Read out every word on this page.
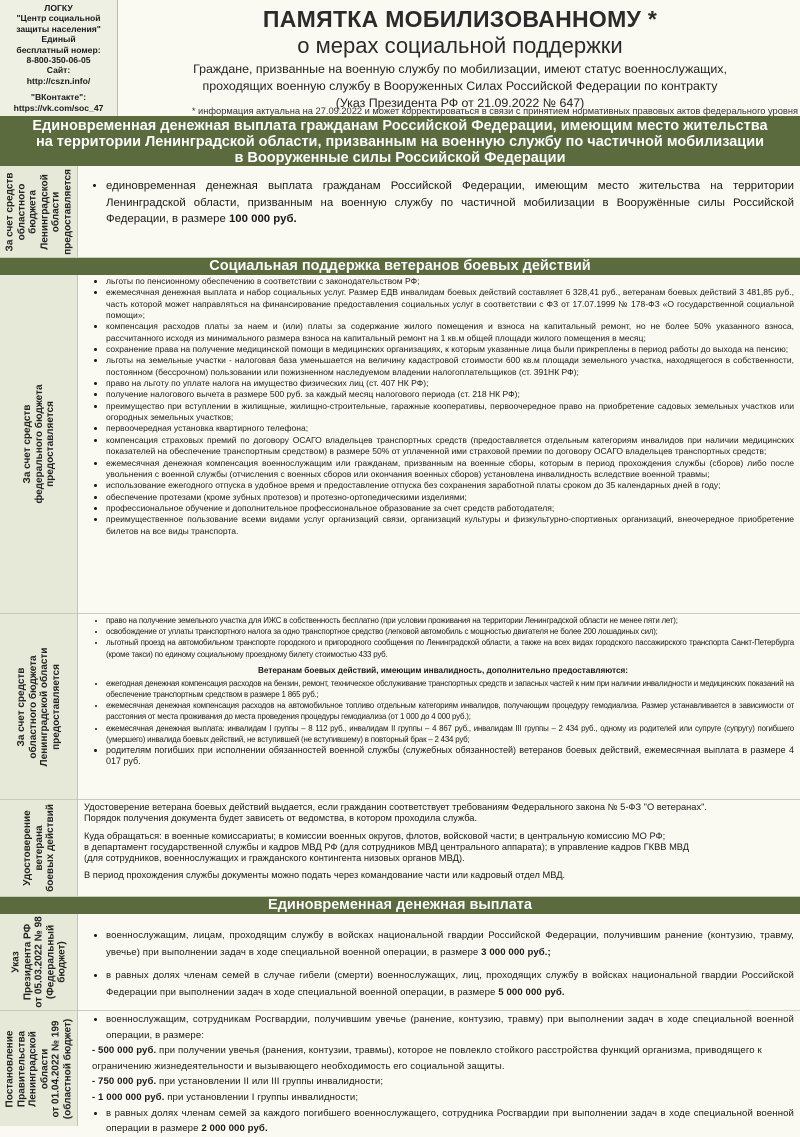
ЛОГКУ
"Центр социальной
защиты населения"
Единый
бесплатный номер:
8-800-350-06-05
Сайт:
http://cszn.info/
"ВКонтакте":
https://vk.com/soc_47
ПАМЯТКА МОБИЛИЗОВАННОМУ *
о мерах социальной поддержки
Граждане, призванные на военную службу по мобилизации, имеют статус военнослужащих,
проходящих военную службу в Вооруженных Силах Российской Федерации по контракту
(Указ Президента РФ от 21.09.2022 № 647)
* информация актуальна на 27.09.2022 и может корректироваться в связи с принятием нормативных правовых актов федерального уровня
Единовременная денежная выплата гражданам Российской Федерации, имеющим место жительства
на территории Ленинградской области, призванным на военную службу по частичной мобилизации
в Вооруженные силы Российской Федерации
За счет средств областного бюджета Ленинградской области предоставляется	• единовременная денежная выплата гражданам Российской Федерации, имеющим место жительства на территории Ленинградской области, призванным на военную службу по частичной мобилизации в Вооружённые силы Российской Федерации, в размере 100 000 руб.
Социальная поддержка ветеранов боевых действий
За счет средств федерального бюджета предоставляется
• льготы по пенсионному обеспечению в соответствии с законодательством РФ;
• ежемесячная денежная выплата и набор социальных услуг. Размер ЕДВ инвалидам боевых действий составляет 6 328,41 руб., ветеранам боевых действий 3 481,85 руб., часть которой может направляться на финансирование предоставления социальных услуг в соответствии с ФЗ от 17.07.1999 № 178-ФЗ «О государственной социальной помощи»;
• компенсация расходов платы за наем и (или) платы за содержание жилого помещения и взноса на капитальный ремонт, но не более 50% указанного взноса, рассчитанного исходя из минимального размера взноса на капитальный ремонт на 1 кв.м общей площади жилого помещения в месяц;
• сохранение права на получение медицинской помощи в медицинских организациях, к которым указанные лица были прикреплены в период работы до выхода на пенсию;
• льготы на земельные участки - налоговая база уменьшается на величину кадастровой стоимости 600 кв.м площади земельного участка, находящегося в собственности, постоянном (бессрочном) пользовании или пожизненном наследуемом владении налогоплательщиков (ст. 391НК РФ);
• право на льготу по уплате налога на имущество физических лиц (ст. 407 НК РФ);
• получение налогового вычета в размере 500 руб. за каждый месяц налогового периода (ст. 218 НК РФ);
• преимущество при вступлении в жилищные, жилищно-строительные, гаражные кооперативы, первоочередное право на приобретение садовых земельных участков или огородных земельных участков;
• первоочередная установка квартирного телефона;
• компенсация страховых премий по договору ОСАГО владельцев транспортных средств (предоставляется отдельным категориям инвалидов при наличии медицинских показателей на обеспечение транспортным средством) в размере 50% от уплаченной ими страховой премии по договору ОСАГО владельцев транспортных средств;
• ежемесячная денежная компенсация военнослужащим или гражданам, призванным на военные сборы, которым в период прохождения службы (сборов) либо после увольнения с военной службы (отчисления с военных сборов или окончания военных сборов) установлена инвалидность вследствие военной травмы;
• использование ежегодного отпуска в удобное время и предоставление отпуска без сохранения заработной платы сроком до 35 календарных дней в году;
• обеспечение протезами (кроме зубных протезов) и протезно-ортопедическими изделиями;
• профессиональное обучение и дополнительное профессиональное образование за счет средств работодателя;
• преимущественное пользование всеми видами услуг организаций связи, организаций культуры и физкультурно-спортивных организаций, внеочередное приобретение билетов на все виды транспорта.
За счет средств областного бюджета Ленинградской области предоставляется
• право на получение земельного участка для ИЖС в собственность бесплатно (при условии проживания на территории Ленинградской области не менее пяти лет);
• освобождение от уплаты транспортного налога за одно транспортное средство (легковой автомобиль с мощностью двигателя не более 200 лошадиных сил);
• льготный проезд на автомобильном транспорте городского и пригородного сообщения по Ленинградской области, а также на всех видах городского пассажирского транспорта Санкт-Петербурга (кроме такси) по единому социальному проездному билету стоимостью 433 руб.
Ветеранам боевых действий, имеющим инвалидность, дополнительно предоставляются:
• ежегодная денежная компенсация расходов на бензин, ремонт, техническое обслуживание транспортных средств и запасных частей к ним при наличии инвалидности и медицинских показаний на обеспечение транспортным средством в размере 1 865 руб.;
• ежемесячная денежная компенсация расходов на автомобильное топливо отдельным категориям инвалидов, получающим процедуру гемодиализа. Размер устанавливается в зависимости от расстояния от места проживания до места проведения процедуры гемодиализа (от 1 000 до 4 000 руб.);
• ежемесячная денежная выплата: инвалидам I группы – 8 112 руб., инвалидам II группы – 4 867 руб., инвалидам III группы – 2 434 руб., одному из родителей или супруге (супругу) погибшего (умершего) инвалида боевых действий, не вступившей (не вступившему) в повторный брак – 2 434 руб;
• родителям погибших при исполнении обязанностей военной службы (служебных обязанностей) ветеранов боевых действий, ежемесячная выплата в размере 4 017 руб.
Удостоверение ветерана боевых действий	Удостоверение ветерана боевых действий выдается, если гражданин соответствует требованиям Федерального закона № 5-ФЗ "О ветеранах".

Порядок получения документа будет зависеть от ведомства, в котором проходила служба.

Куда обращаться: в военные комиссариаты; в комиссии военных округов, флотов, войсковой части; в центральную комиссию МО РФ;

в департамент государственной службы и кадров МВД РФ (для сотрудников МВД центрального аппарата); в управление кадров ГКВВ МВД

(для сотрудников, военнослужащих и гражданского контингента низовых органов МВД).

В период прохождения службы документы можно подать через командование части или кадровый отдел МВД.

Единовременная денежная выплата
Указ Президента РФ от 05.03.2022 № 98 (Федеральный бюджет)
• военнослужащим, лицам, проходящим службу в войсках национальной гвардии Российской Федерации, получившим ранение (контузию, травму, увечье) при выполнении задач в ходе специальной военной операции, в размере 3 000 000 руб.;
• в равных долях членам семей в случае гибели (смерти) военнослужащих, лиц, проходящих службу в войсках национальной гвардии Российской Федерации при выполнении задач в ходе специальной военной операции, в размере 5 000 000 руб.
Постановление Правительства Ленинградской области от 01.04.2022 № 199 (областной бюджет)	• военнослужащим, сотрудникам Росгвардии, получившим увечье (ранение, контузию, травму) при выполнении задач в ходе специальной военной операции, в размере:
- 500 000 руб. при получении увечья (ранения, контузии, травмы), которое не повлекло стойкого расстройства функций организма, приводящего к ограничению жизнедеятельности и вызывающего необходимость его социальной защиты.
- 750 000 руб. при установлении II или III группы инвалидности;
- 1 000 000 руб. при установлении I группы инвалидности;
• в равных долях членам семей за каждого погибшего военнослужащего, сотрудника Росгвардии при выполнении задач в ходе специальной военной операции в размере 2 000 000 руб.
